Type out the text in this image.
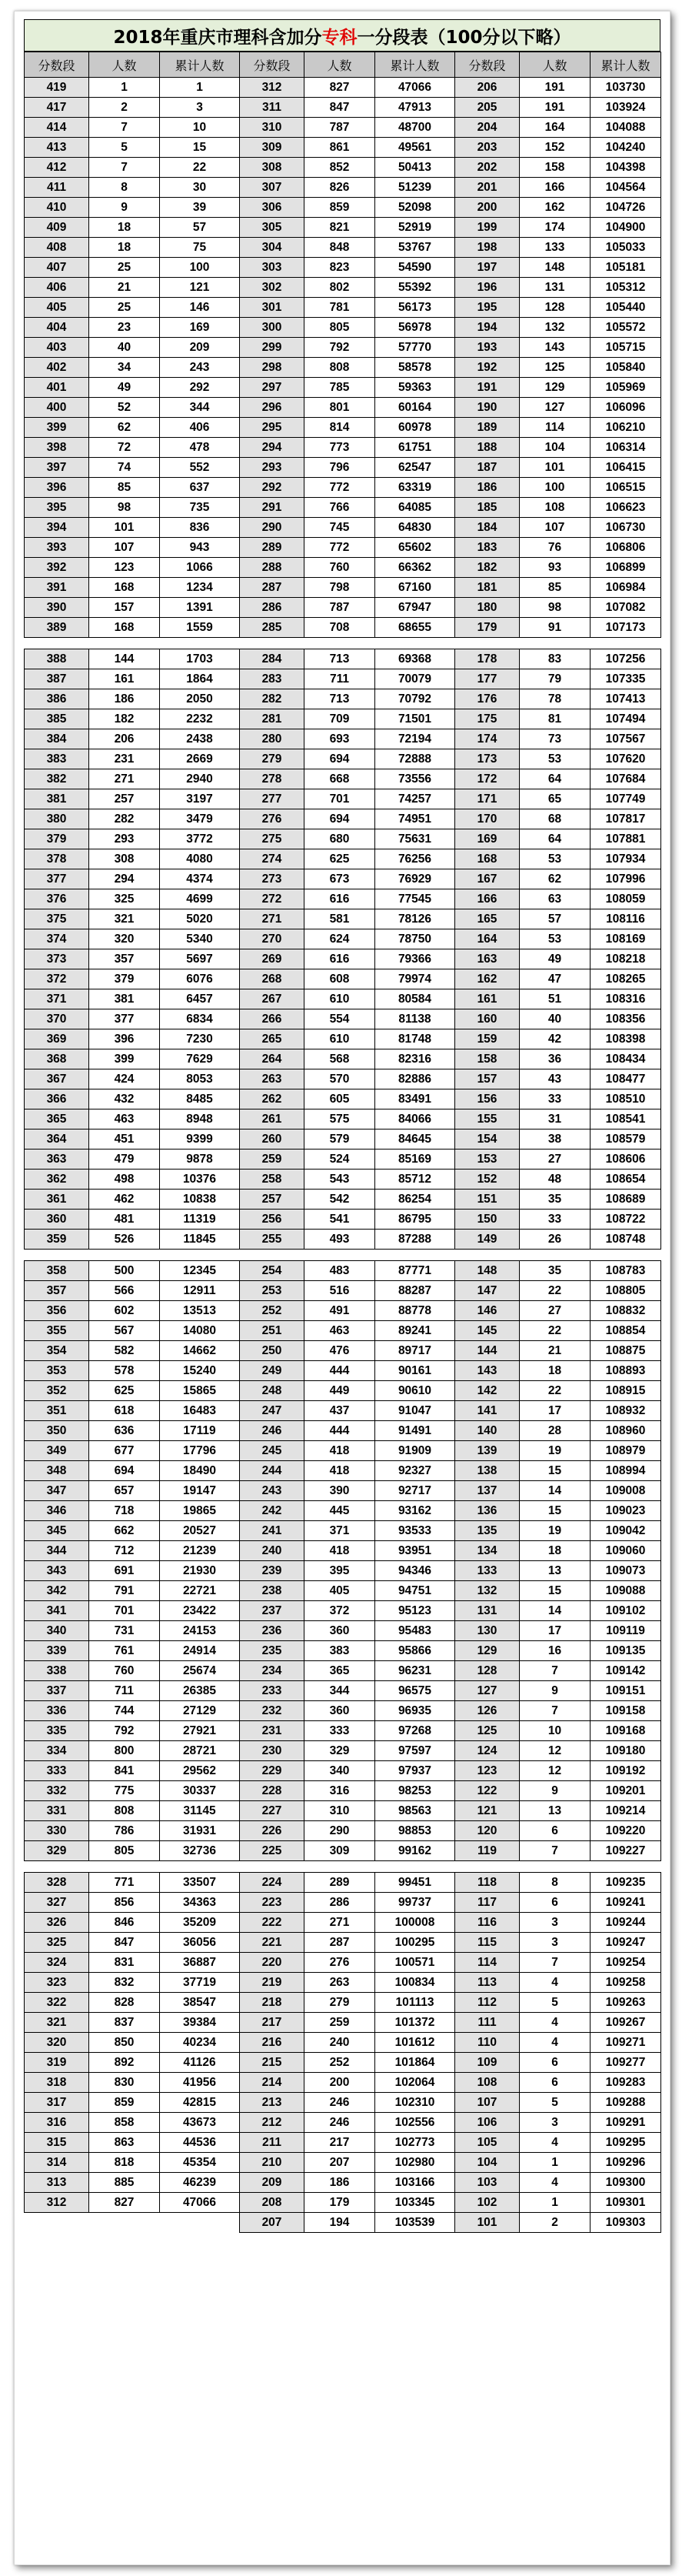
2018年重庆市理科含加分 专科 一分段表（100分以下略）
分数段	人数	累计人数	分数段	人数	累计人数	分数段	人数	累计人数
419	1	1	312	827	47066	206	191	103730
417	2	3	311	847	47913	205	191	103924
414	7	10	310	787	48700	204	164	104088
413	5	15	309	861	49561	203	152	104240
412	7	22	308	852	50413	202	158	104398
411	8	30	307	826	51239	201	166	104564
410	9	39	306	859	52098	200	162	104726
409	18	57	305	821	52919	199	174	104900
408	18	75	304	848	53767	198	133	105033
407	25	100	303	823	54590	197	148	105181
406	21	121	302	802	55392	196	131	105312
405	25	146	301	781	56173	195	128	105440
404	23	169	300	805	56978	194	132	105572
403	40	209	299	792	57770	193	143	105715
402	34	243	298	808	58578	192	125	105840
401	49	292	297	785	59363	191	129	105969
400	52	344	296	801	60164	190	127	106096
399	62	406	295	814	60978	189	114	106210
398	72	478	294	773	61751	188	104	106314
397	74	552	293	796	62547	187	101	106415
396	85	637	292	772	63319	186	100	106515
395	98	735	291	766	64085	185	108	106623
394	101	836	290	745	64830	184	107	106730
393	107	943	289	772	65602	183	76	106806
392	123	1066	288	760	66362	182	93	106899
391	168	1234	287	798	67160	181	85	106984
390	157	1391	286	787	67947	180	98	107082
389	168	1559	285	708	68655	179	91	107173

388	144	1703	284	713	69368	178	83	107256
387	161	1864	283	711	70079	177	79	107335
386	186	2050	282	713	70792	176	78	107413
385	182	2232	281	709	71501	175	81	107494
384	206	2438	280	693	72194	174	73	107567
383	231	2669	279	694	72888	173	53	107620
382	271	2940	278	668	73556	172	64	107684
381	257	3197	277	701	74257	171	65	107749
380	282	3479	276	694	74951	170	68	107817
379	293	3772	275	680	75631	169	64	107881
378	308	4080	274	625	76256	168	53	107934
377	294	4374	273	673	76929	167	62	107996
376	325	4699	272	616	77545	166	63	108059
375	321	5020	271	581	78126	165	57	108116
374	320	5340	270	624	78750	164	53	108169
373	357	5697	269	616	79366	163	49	108218
372	379	6076	268	608	79974	162	47	108265
371	381	6457	267	610	80584	161	51	108316
370	377	6834	266	554	81138	160	40	108356
369	396	7230	265	610	81748	159	42	108398
368	399	7629	264	568	82316	158	36	108434
367	424	8053	263	570	82886	157	43	108477
366	432	8485	262	605	83491	156	33	108510
365	463	8948	261	575	84066	155	31	108541
364	451	9399	260	579	84645	154	38	108579
363	479	9878	259	524	85169	153	27	108606
362	498	10376	258	543	85712	152	48	108654
361	462	10838	257	542	86254	151	35	108689
360	481	11319	256	541	86795	150	33	108722
359	526	11845	255	493	87288	149	26	108748

358	500	12345	254	483	87771	148	35	108783
357	566	12911	253	516	88287	147	22	108805
356	602	13513	252	491	88778	146	27	108832
355	567	14080	251	463	89241	145	22	108854
354	582	14662	250	476	89717	144	21	108875
353	578	15240	249	444	90161	143	18	108893
352	625	15865	248	449	90610	142	22	108915
351	618	16483	247	437	91047	141	17	108932
350	636	17119	246	444	91491	140	28	108960
349	677	17796	245	418	91909	139	19	108979
348	694	18490	244	418	92327	138	15	108994
347	657	19147	243	390	92717	137	14	109008
346	718	19865	242	445	93162	136	15	109023
345	662	20527	241	371	93533	135	19	109042
344	712	21239	240	418	93951	134	18	109060
343	691	21930	239	395	94346	133	13	109073
342	791	22721	238	405	94751	132	15	109088
341	701	23422	237	372	95123	131	14	109102
340	731	24153	236	360	95483	130	17	109119
339	761	24914	235	383	95866	129	16	109135
338	760	25674	234	365	96231	128	7	109142
337	711	26385	233	344	96575	127	9	109151
336	744	27129	232	360	96935	126	7	109158
335	792	27921	231	333	97268	125	10	109168
334	800	28721	230	329	97597	124	12	109180
333	841	29562	229	340	97937	123	12	109192
332	775	30337	228	316	98253	122	9	109201
331	808	31145	227	310	98563	121	13	109214
330	786	31931	226	290	98853	120	6	109220
329	805	32736	225	309	99162	119	7	109227

328	771	33507	224	289	99451	118	8	109235
327	856	34363	223	286	99737	117	6	109241
326	846	35209	222	271	100008	116	3	109244
325	847	36056	221	287	100295	115	3	109247
324	831	36887	220	276	100571	114	7	109254
323	832	37719	219	263	100834	113	4	109258
322	828	38547	218	279	101113	112	5	109263
321	837	39384	217	259	101372	111	4	109267
320	850	40234	216	240	101612	110	4	109271
319	892	41126	215	252	101864	109	6	109277
318	830	41956	214	200	102064	108	6	109283
317	859	42815	213	246	102310	107	5	109288
316	858	43673	212	246	102556	106	3	109291
315	863	44536	211	217	102773	105	4	109295
314	818	45354	210	207	102980	104	1	109296
313	885	46239	209	186	103166	103	4	109300
312	827	47066	208	179	103345	102	1	109301
			207	194	103539	101	2	109303
